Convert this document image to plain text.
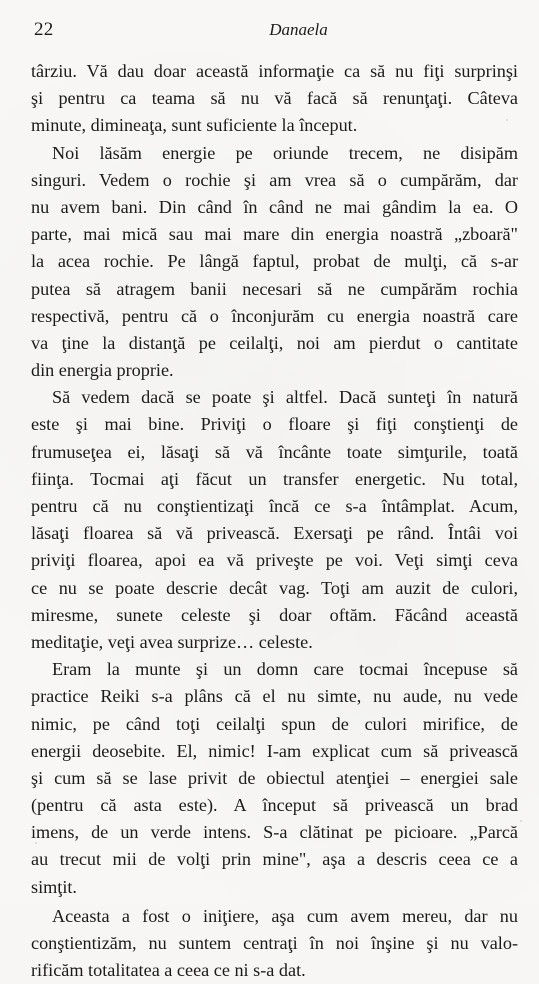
22	Danaela
târziu. Vă dau doar această informaţie ca să nu fiţi surprinşi
şi pentru ca teama să nu vă facă să renunţaţi. Câteva
minute, dimineaţa, sunt suficiente la început.
Noi lăsăm energie pe oriunde trecem, ne disipăm
singuri. Vedem o rochie şi am vrea să o cumpărăm, dar
nu avem bani. Din când în când ne mai gândim la ea. O
parte, mai mică sau mai mare din energia noastră „zboară"
la acea rochie. Pe lângă faptul, probat de mulţi, că s-ar
putea să atragem banii necesari să ne cumpărăm rochia
respectivă, pentru că o înconjurăm cu energia noastră care
va ţine la distanţă pe ceilalţi, noi am pierdut o cantitate
din energia proprie.
Să vedem dacă se poate şi altfel. Dacă sunteţi în natură
este şi mai bine. Priviţi o floare şi fiţi conştienţi de
frumuseţea ei, lăsaţi să vă încânte toate simţurile, toată
fiinţa. Tocmai aţi făcut un transfer energetic. Nu total,
pentru că nu conştientizaţi încă ce s-a întâmplat. Acum,
lăsaţi floarea să vă privească. Exersaţi pe rând. Întâi voi
priviţi floarea, apoi ea vă priveşte pe voi. Veţi simţi ceva
ce nu se poate descrie decât vag. Toţi am auzit de culori,
miresme, sunete celeste şi doar oftăm. Făcând această
meditaţie, veţi avea surprize… celeste.
Eram la munte şi un domn care tocmai începuse să
practice Reiki s-a plâns că el nu simte, nu aude, nu vede
nimic, pe când toţi ceilalţi spun de culori mirifice, de
energii deosebite. El, nimic! I-am explicat cum să privească
şi cum să se lase privit de obiectul atenţiei – energiei sale
(pentru că asta este). A început să privească un brad
imens, de un verde intens. S-a clătinat pe picioare. „Parcă
au trecut mii de volţi prin mine", aşa a descris ceea ce a
simţit.
Aceasta a fost o iniţiere, aşa cum avem mereu, dar nu
conştientizăm, nu suntem centraţi în noi înşine şi nu valo-
rificăm totalitatea a ceea ce ni s-a dat.
